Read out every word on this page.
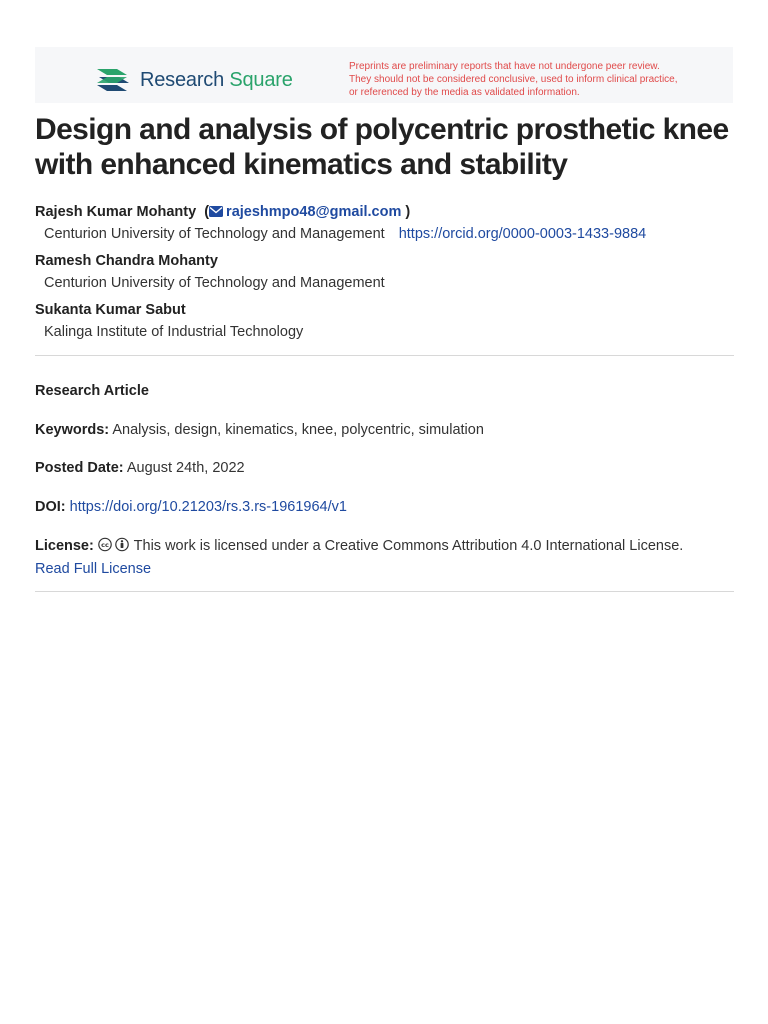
Research Square
Preprints are preliminary reports that have not undergone peer review.
They should not be considered conclusive, used to inform clinical practice,
or referenced by the media as validated information.
Design and analysis of polycentric prosthetic knee with enhanced kinematics and stability
Rajesh Kumar Mohanty  ( rajeshmpo48@gmail.com )
Centurion University of Technology and Management https://orcid.org/0000-0003-1433-9884
Ramesh Chandra Mohanty
Centurion University of Technology and Management
Sukanta Kumar Sabut
Kalinga Institute of Industrial Technology
Research Article
Keywords: Analysis, design, kinematics, knee, polycentric, simulation
Posted Date: August 24th, 2022
DOI: https://doi.org/10.21203/rs.3.rs-1961964/v1
License: cc This work is licensed under a Creative Commons Attribution 4.0 International License.
Read Full License
